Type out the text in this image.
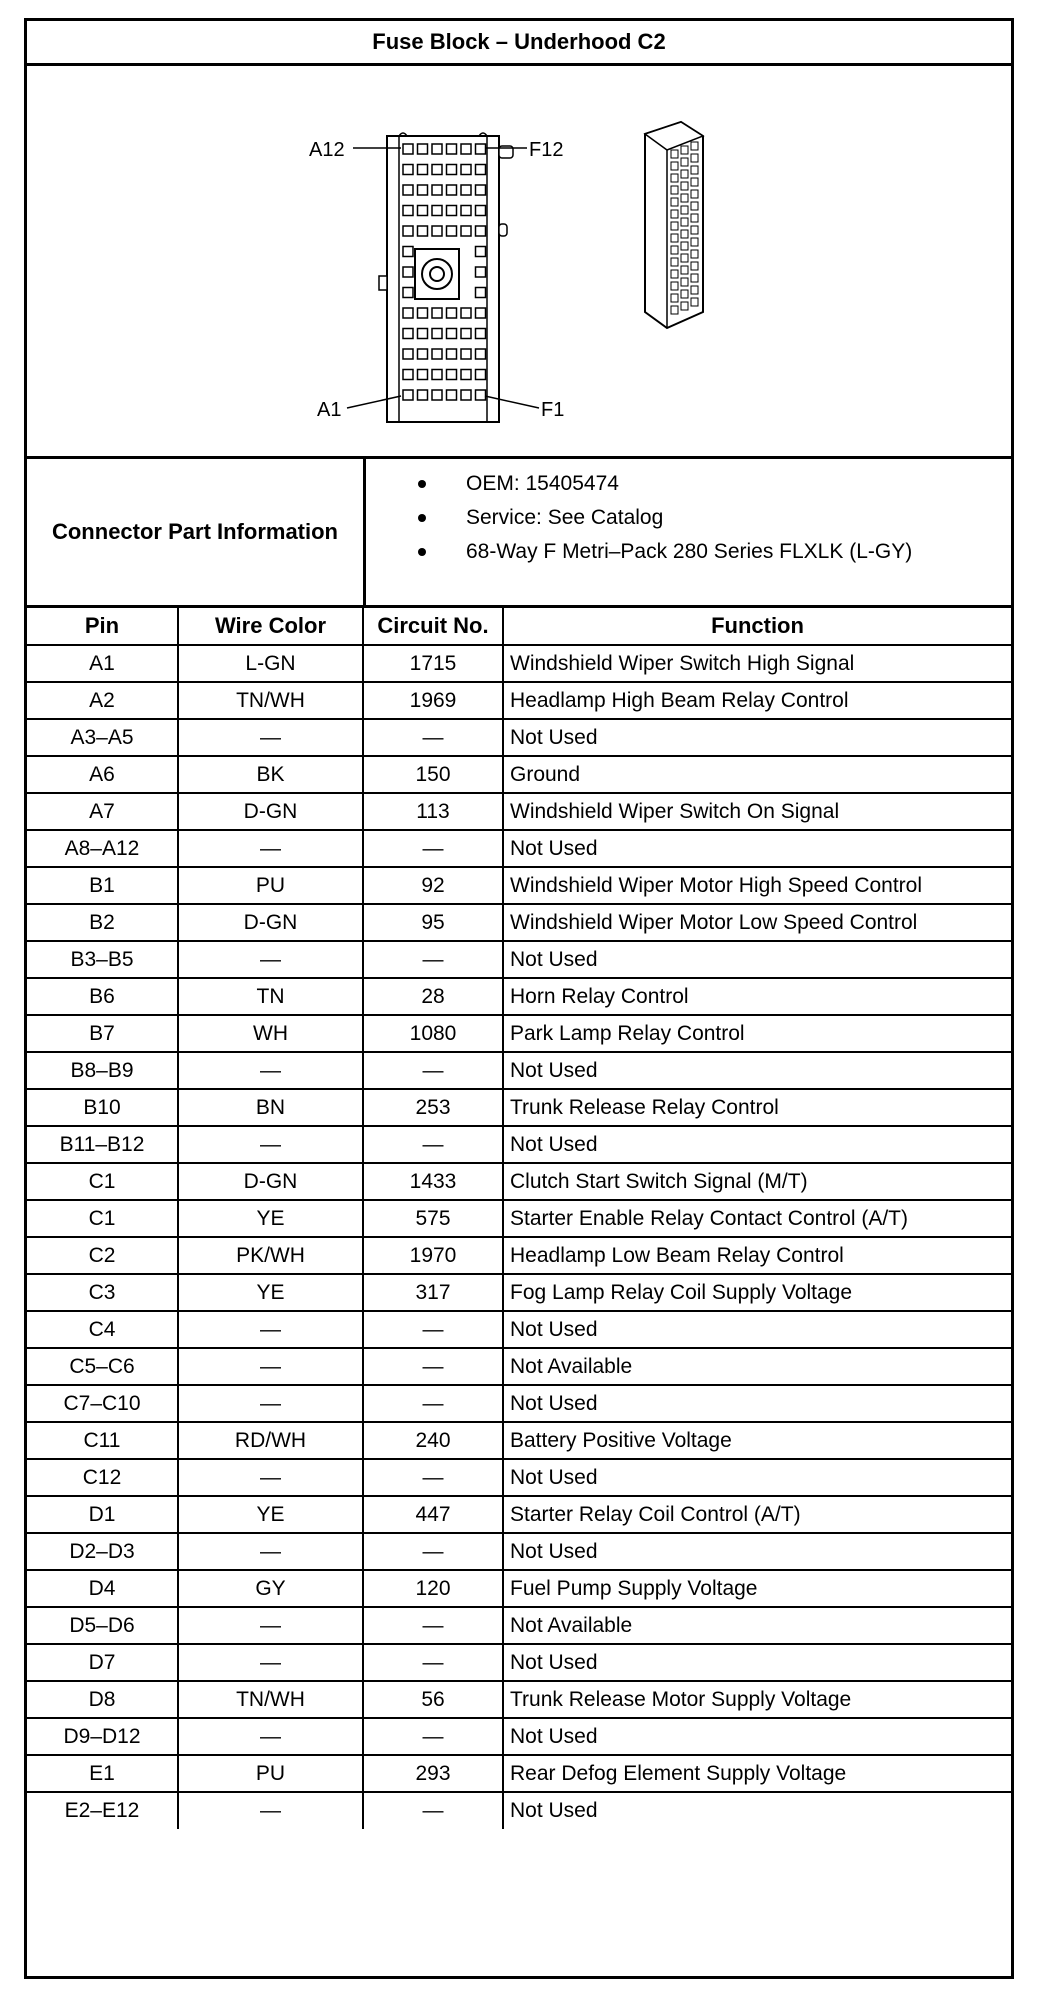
Fuse Block – Underhood C2
A12	F12
A1	F1
Connector Part Information
OEM: 15405474
Service: See Catalog
68-Way F Metri–Pack 280 Series FLXLK (L-GY)
Pin	Wire Color	Circuit No.	Function
A1	L-GN	1715	Windshield Wiper Switch High Signal
A2	TN/WH	1969	Headlamp High Beam Relay Control
A3–A5	—	—	Not Used
A6	BK	150	Ground
A7	D-GN	113	Windshield Wiper Switch On Signal
A8–A12	—	—	Not Used
B1	PU	92	Windshield Wiper Motor High Speed Control
B2	D-GN	95	Windshield Wiper Motor Low Speed Control
B3–B5	—	—	Not Used
B6	TN	28	Horn Relay Control
B7	WH	1080	Park Lamp Relay Control
B8–B9	—	—	Not Used
B10	BN	253	Trunk Release Relay Control
B11–B12	—	—	Not Used
C1	D-GN	1433	Clutch Start Switch Signal (M/T)
C1	YE	575	Starter Enable Relay Contact Control (A/T)
C2	PK/WH	1970	Headlamp Low Beam Relay Control
C3	YE	317	Fog Lamp Relay Coil Supply Voltage
C4	—	—	Not Used
C5–C6	—	—	Not Available
C7–C10	—	—	Not Used
C11	RD/WH	240	Battery Positive Voltage
C12	—	—	Not Used
D1	YE	447	Starter Relay Coil Control (A/T)
D2–D3	—	—	Not Used
D4	GY	120	Fuel Pump Supply Voltage
D5–D6	—	—	Not Available
D7	—	—	Not Used
D8	TN/WH	56	Trunk Release Motor Supply Voltage
D9–D12	—	—	Not Used
E1	PU	293	Rear Defog Element Supply Voltage
E2–E12	—	—	Not Used
